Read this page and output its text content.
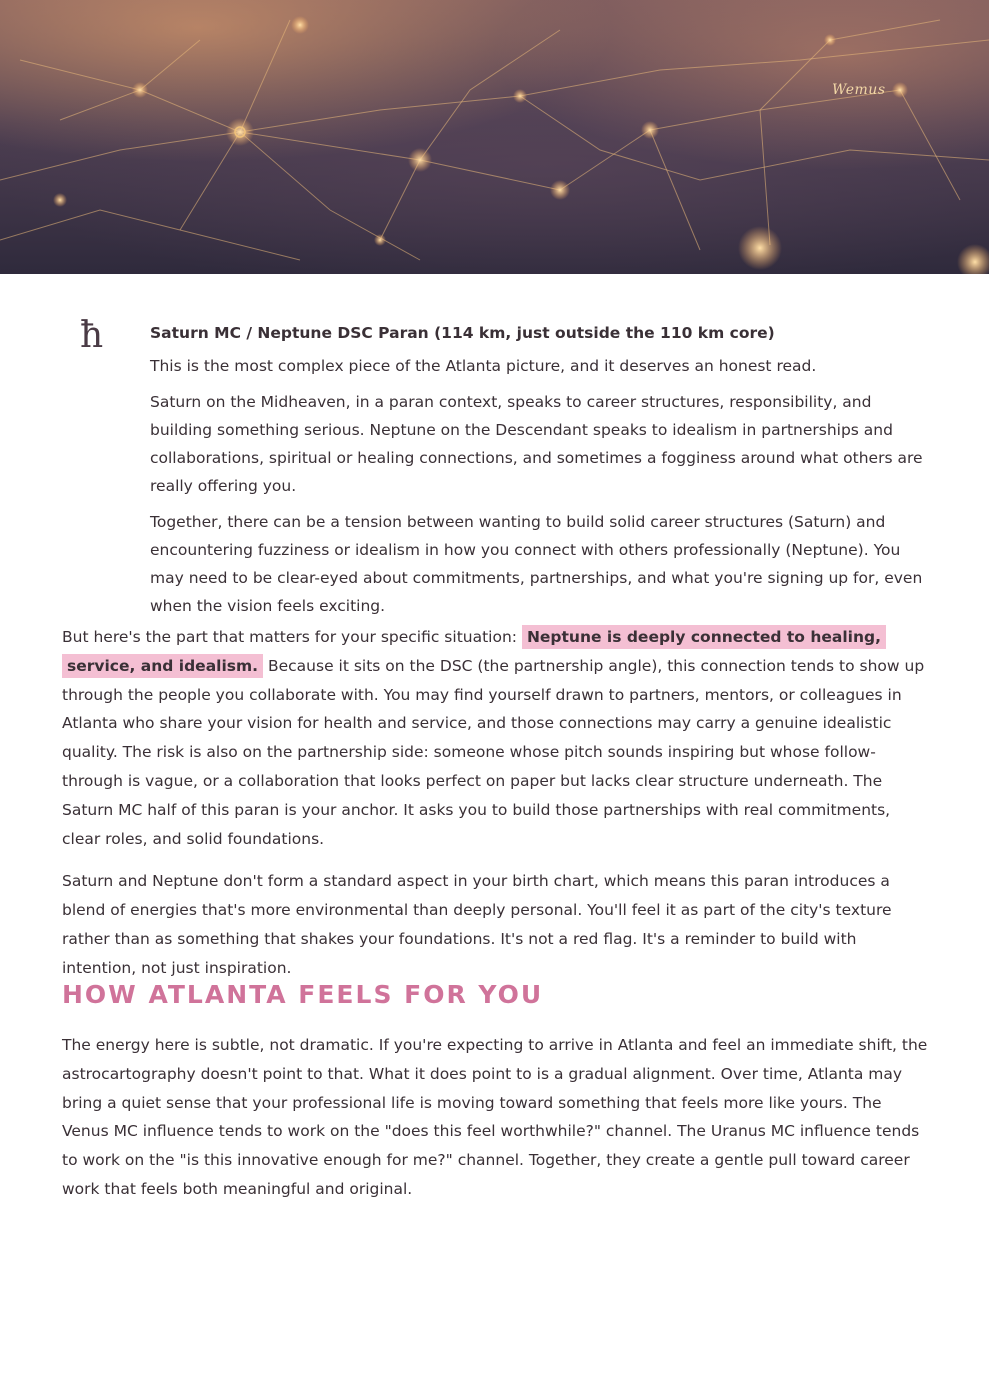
Wemus
ħ	Saturn MC / Neptune DSC Paran (114 km, just outside the 110 km core)

This is the most complex piece of the Atlanta picture, and it deserves an honest read.

Saturn on the Midheaven, in a paran context, speaks to career structures, responsibility, and building something serious. Neptune on the Descendant speaks to idealism in partnerships and collaborations, spiritual or healing connections, and sometimes a fogginess around what others are really offering you.

Together, there can be a tension between wanting to build solid career structures (Saturn) and encountering fuzziness or idealism in how you connect with others professionally (Neptune). You may need to be clear-eyed about commitments, partnerships, and what you're signing up for, even when the vision feels exciting.

But here's the part that matters for your specific situation: Neptune is deeply connected to healing, service, and idealism. Because it sits on the DSC (the partnership angle), this connection tends to show up through the people you collaborate with. You may find yourself drawn to partners, mentors, or colleagues in Atlanta who share your vision for health and service, and those connections may carry a genuine idealistic quality. The risk is also on the partnership side: someone whose pitch sounds inspiring but whose follow-through is vague, or a collaboration that looks perfect on paper but lacks clear structure underneath. The Saturn MC half of this paran is your anchor. It asks you to build those partnerships with real commitments, clear roles, and solid foundations.

Saturn and Neptune don't form a standard aspect in your birth chart, which means this paran introduces a blend of energies that's more environmental than deeply personal. You'll feel it as part of the city's texture rather than as something that shakes your foundations. It's not a red flag. It's a reminder to build with intention, not just inspiration.

HOW ATLANTA FEELS FOR YOU

The energy here is subtle, not dramatic. If you're expecting to arrive in Atlanta and feel an immediate shift, the astrocartography doesn't point to that. What it does point to is a gradual alignment. Over time, Atlanta may bring a quiet sense that your professional life is moving toward something that feels more like yours. The Venus MC influence tends to work on the "does this feel worthwhile?" channel. The Uranus MC influence tends to work on the "is this innovative enough for me?" channel. Together, they create a gentle pull toward career work that feels both meaningful and original.
